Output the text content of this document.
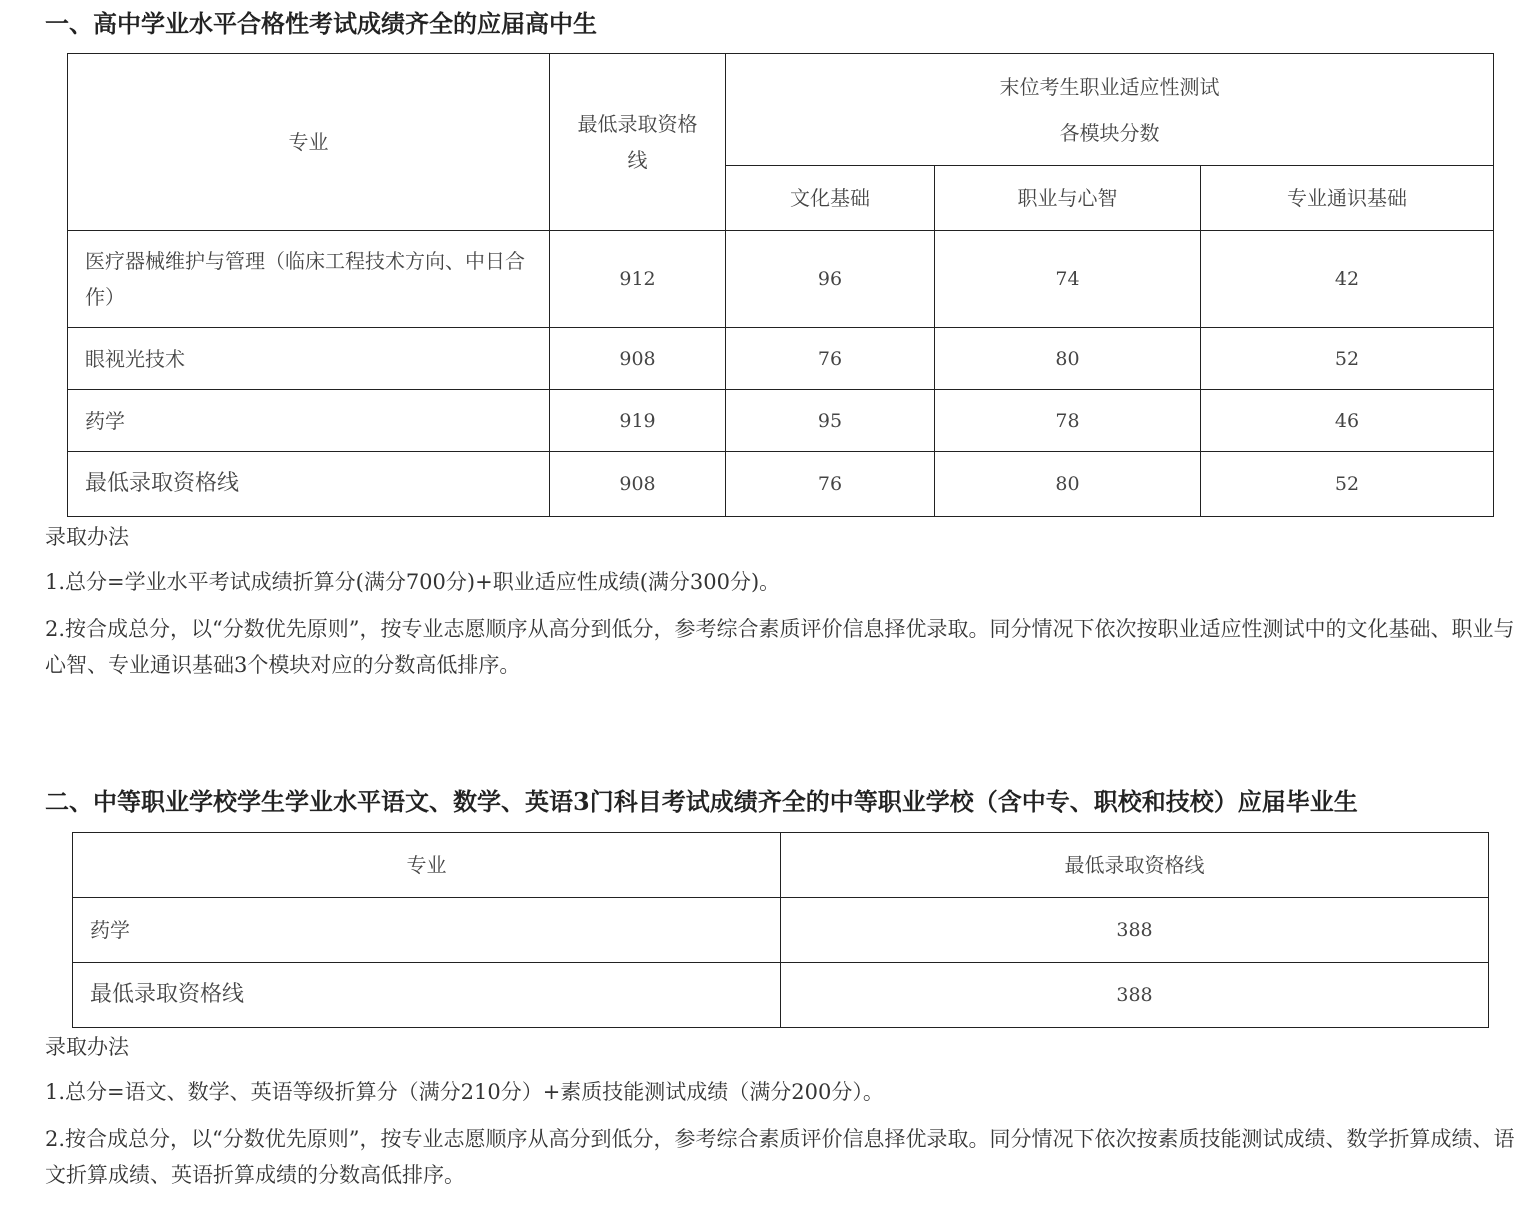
一、高中学业水平合格性考试成绩齐全的应届高中生
专业	最低录取资格线	末位考生职业适应性测试
各模块分数		

		文化基础	职业与心智	专业通识基础
医疗器械维护与管理（临床工程技术方向、中日合作）	912	96	74	42
眼视光技术	908	76	80	52
药学	919	95	78	46
最低录取资格线	908	76	80	52

录取办法

1.总分=学业水平考试成绩折算分(满分700分)+职业适应性成绩(满分300分)。

2.按合成总分，以“分数优先原则”，按专业志愿顺序从高分到低分，参考综合素质评价信息择优录取。同分情况下依次按职业适应性测试中的文化基础、职业与心智、专业通识基础3个模块对应的分数高低排序。

二、中等职业学校学生学业水平语文、数学、英语3门科目考试成绩齐全的中等职业学校（含中专、职校和技校）应届毕业生
专业	最低录取资格线
药学	388
最低录取资格线	388

录取办法

1.总分=语文、数学、英语等级折算分（满分210分）+素质技能测试成绩（满分200分）。

2.按合成总分，以“分数优先原则”，按专业志愿顺序从高分到低分，参考综合素质评价信息择优录取。同分情况下依次按素质技能测试成绩、数学折算成绩、语文折算成绩、英语折算成绩的分数高低排序。
